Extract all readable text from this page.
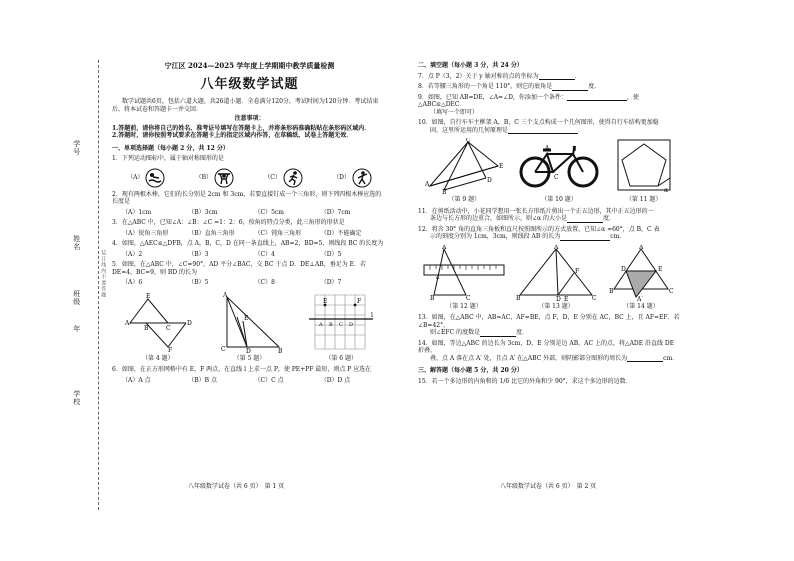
学号
姓名
班级
年
学校
装订线内不要答题
宁江区 2024—2025 学年度上学期期中教学质量检测
八年级数学试题

数学试题共6页，包括六道大题，共26道小题．全卷满分120分，考试时间为120分钟．考试结束后，将本试卷和答题卡一并交回．

注意事项：

1.答题前，请你将自己的姓名、准考证号填写在答题卡上，并将条形码准确粘贴在条形码区域内．

2.答题时，请你按照考试要求在答题卡上的指定区域内作答，在草稿纸、试卷上答题无效．

一、单项选择题（每小题 2 分，共 12 分）

1．下列运动图标中，属于轴对称图形的是

（A）	（B）	（C）	（D）

2．现有两根木棒，它们的长分别是 2cm 和 3cm，若要直接钉成一个三角形，则下列四根木棒应选的长度是

（A）1cm	（B）3cm	（C）5cm	（D）7cm

3．在△ABC 中，已知∠A：∠B：∠C =1：2：6，按角的特点分类，此三角形的形状是

（A）锐角三角形	（B）直角三角形	（C）钝角三角形	（D）不能确定

4．如图，△AEC≌△DFB，点 A，B，C，D 在同一条直线上，AB=2，BD=5，则线段 BC 的长度为

（A）2	（B）3	（C）4	（D）5

5．如图，在△ABC 中，∠C=90°，AD 平分∠BAC，交 BC 于点 D．DE⊥AB，垂足为 E．若 DE=4，BC=9，则 BD 的长为

（A）6	（B）5	（C）8	（D）7
A
E
B	C
D
F
（第 4 题）
A
C	D	B
E
（第 5 题）
E	F
A B C D
l
（第 6 题）

6．如图，在正方形网格中有 E，F 两点，在直线 l 上求一点 P，使 PE+PF 最短，则点 P 应选在

（A）A 点	（B）B 点	（C）C 点	（D）D 点
二、填空题（每小题 3 分，共 24 分）

7．点 P（3，2）关于 y 轴对称的点的坐标为	．

8．若等腰三角形的一个角是 110°，则它的底角是	度．

9．如图，已知 AB=DE，∠A=∠D，你添加一个条件：	，使△ABC≌△DEC．

（填写一个即可）

10．如图，自行车车主框架 A，B，C 三个支点构成一个几何图形，使得自行车结构更加稳

固，这里所运用的几何原理是	．

A
C
E
B
D
（第 9 题）
A
C
B
（第 10 题）
α
（第 11 题）

11．在剪纸活动中，小花同学想用一张长方形纸片剪出一个正五边形，其中正五边形的一

条边与长方形的边重合，如图所示，则∠α 的大小是	度．

12．将含 30° 角的直角三角板和直尺按照图所示的方式放置，已知∠α =60°，点 B，C 表

示的刻度分别为 1cm，3cm，则线段 AB 的长为	cm．

A
B	C
α
（第 12 题）
A
B	C
D
F
E
（第 13 题）
A
B	C
D	E
A′
（第 14 题）

13．如图，在△ABC 中，AB=AC，AF=BE，点 F，D，E 分别在 AC，BC 上，且 AF=EF．若∠B=42°，

则∠EFC 的度数是	度．

14．如图，等边△ABC 的边长为 3cm，D，E 分别是边 AB，AC 上的点，将△ADE 沿直线 DE 折叠，

叠，点 A 落在点 A′ 处，且点 A′ 在△ABC 外部，则阴影部分图形的周长为	cm．

三、解答题（每小题 5 分，共 20 分）

15．若一个多边形的内角和的 1/6 比它的外角和少 90°，求这个多边形的边数．

八年级数学试卷（共 6 页）　第 1 页	八年级数学试卷（共 6 页）　第 2 页
